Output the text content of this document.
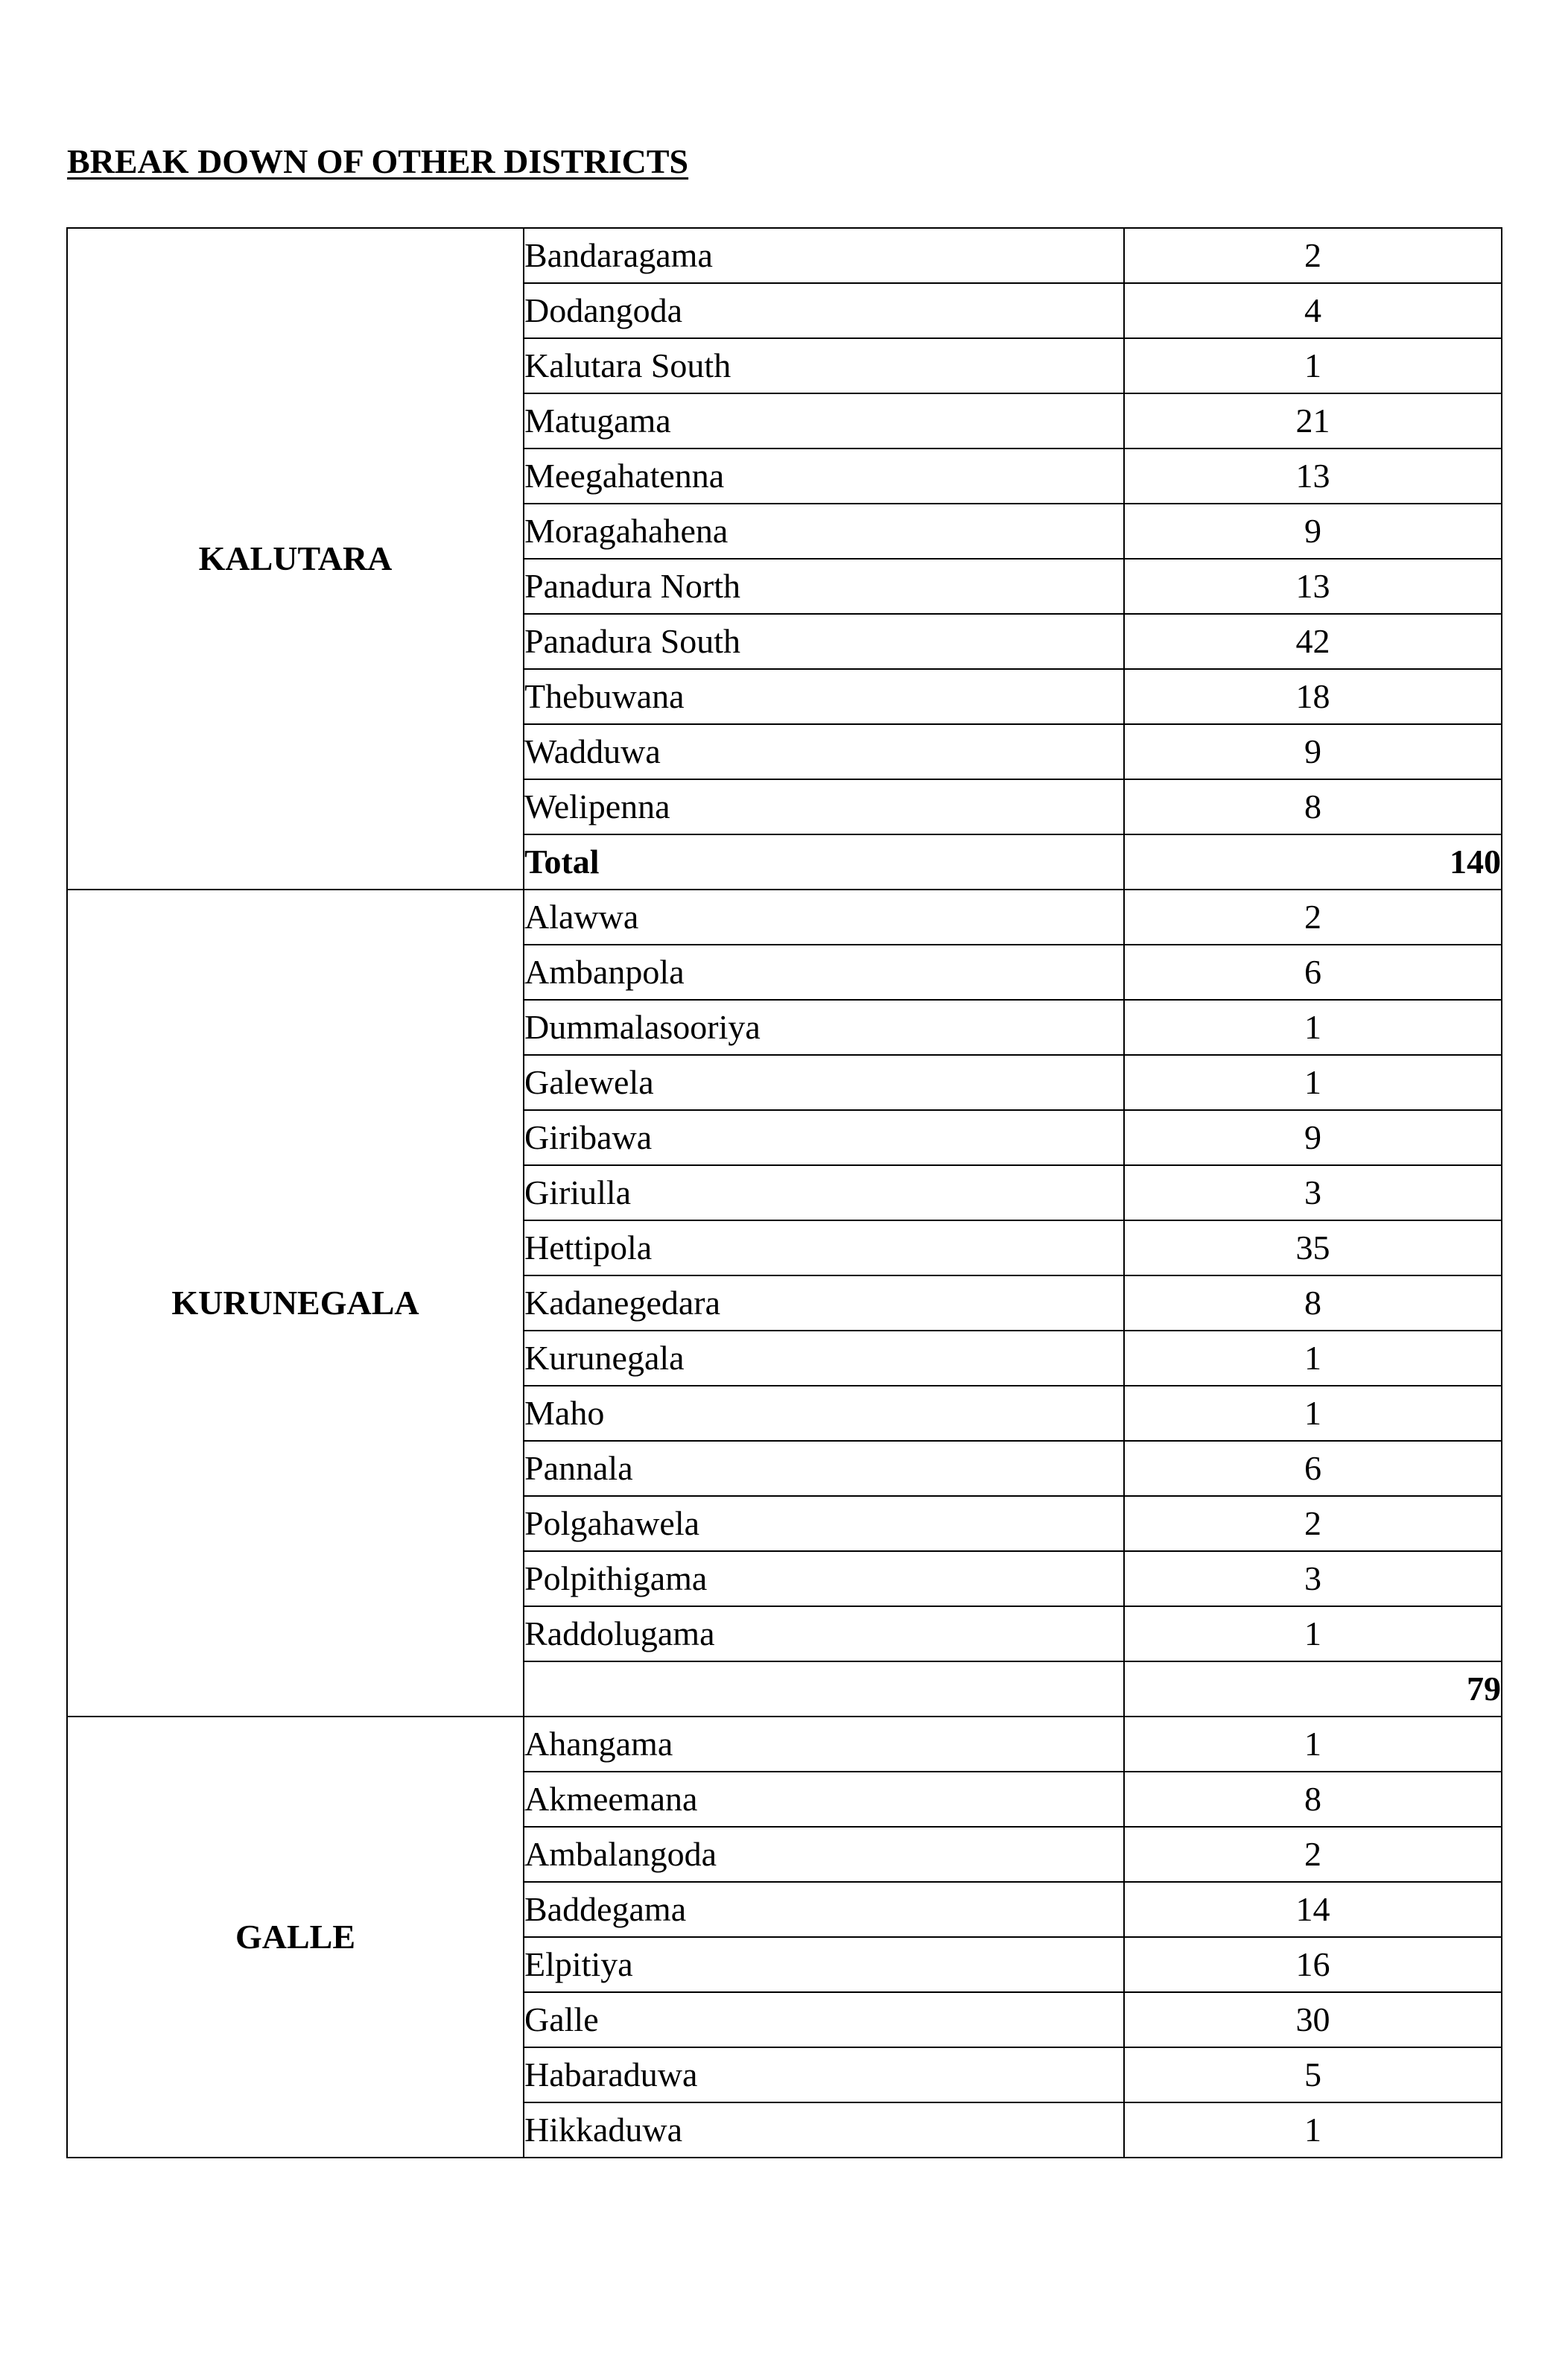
BREAK DOWN OF OTHER DISTRICTS
KALUTARA	Bandaragama	2
	Dodangoda	4
	Kalutara South	1
	Matugama	21
	Meegahatenna	13
	Moragahahena	9
	Panadura North	13
	Panadura South	42
	Thebuwana	18
	Wadduwa	9
	Welipenna	8
	Total	140
KURUNEGALA	Alawwa	2
	Ambanpola	6
	Dummalasooriya	1
	Galewela	1
	Giribawa	9
	Giriulla	3
	Hettipola	35
	Kadanegedara	8
	Kurunegala	1
	Maho	1
	Pannala	6
	Polgahawela	2
	Polpithigama	3
	Raddolugama	1
		79
GALLE	Ahangama	1
	Akmeemana	8
	Ambalangoda	2
	Baddegama	14
	Elpitiya	16
	Galle	30
	Habaraduwa	5
	Hikkaduwa	1
